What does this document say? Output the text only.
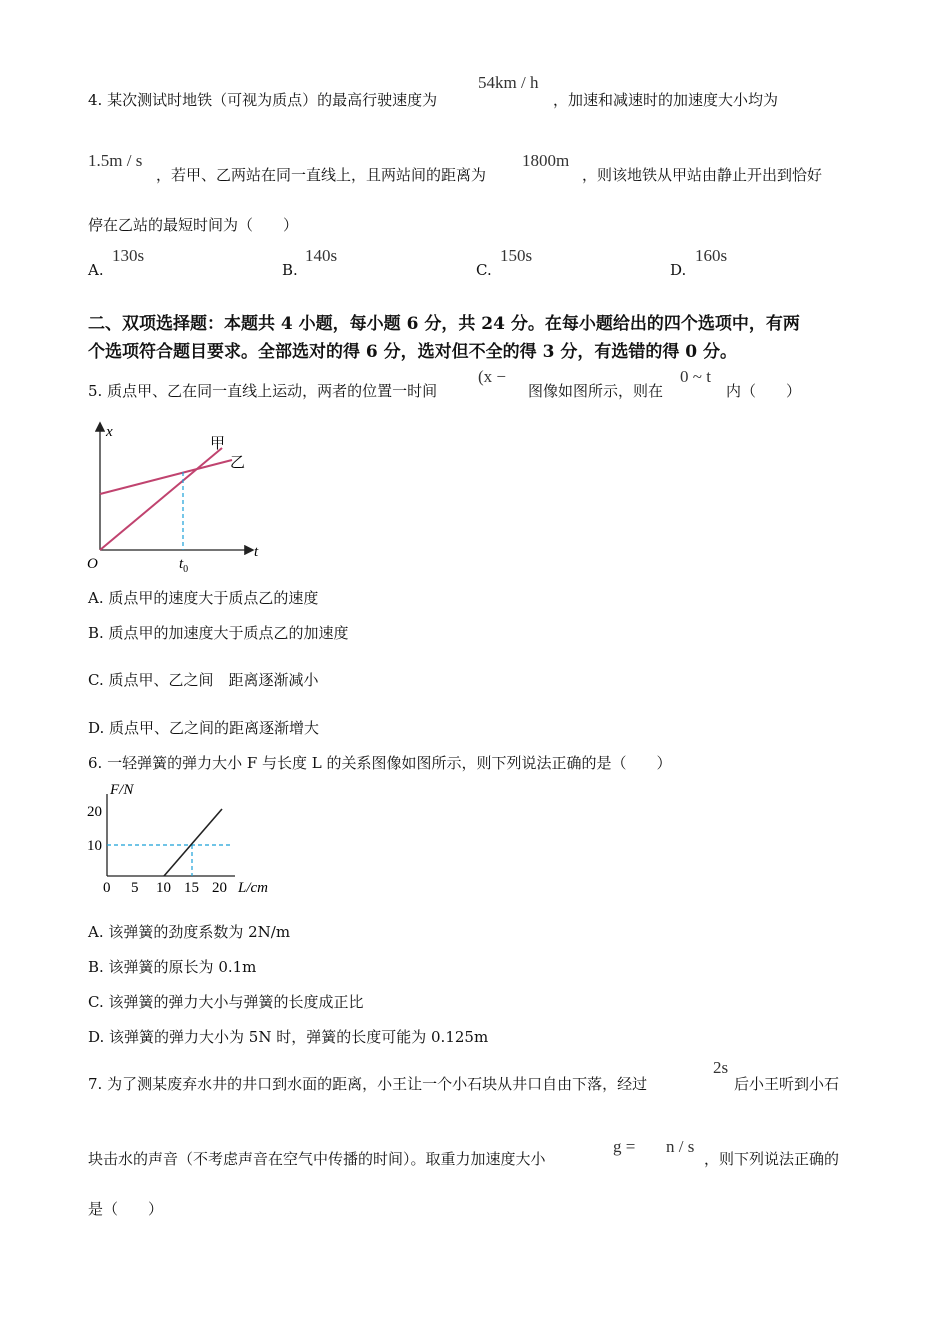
4. 某次测试时地铁（可视为质点）的最高行驶速度为
54km / h
，加速和减速时的加速度大小均为
1.5m / s
，若甲、乙两站在同一直线上，且两站间的距离为
1800m
，则该地铁从甲站由静止开出到恰好
停在乙站的最短时间为（　　）
A.
130s
B.
140s
C.
150s
D.
160s
二、双项选择题：本题共 4 小题，每小题 6 分，共 24 分。在每小题给出的四个选项中，有两
个选项符合题目要求。全部选对的得 6 分，选对但不全的得 3 分，有选错的得 0 分。
5. 质点甲、乙在同一直线上运动，两者的位置一时间
(x −
图像如图所示，则在
0 ~ t
内（　　）
x
t
O	$t_0$
甲
乙
A. 质点甲的速度大于质点乙的速度
B. 质点甲的加速度大于质点乙的加速度
C. 质点甲、乙之间　距离逐渐减小
D. 质点甲、乙之间的距离逐渐增大
6. 一轻弹簧的弹力大小 F 与长度 L 的关系图像如图所示，则下列说法正确的是（　　）
F/N
20
10
0 5 10 15 20 L/cm
A. 该弹簧的劲度系数为 2N/m
B. 该弹簧的原长为 0.1m
C. 该弹簧的弹力大小与弹簧的长度成正比
D. 该弹簧的弹力大小为 5N 时，弹簧的长度可能为 0.125m
7. 为了测某废弃水井的井口到水面的距离，小王让一个小石块从井口自由下落，经过
2s
后小王听到小石
块击水的声音（不考虑声音在空气中传播的时间）。取重力加速度大小
g = n / s
，则下列说法正确的
是（　　）
